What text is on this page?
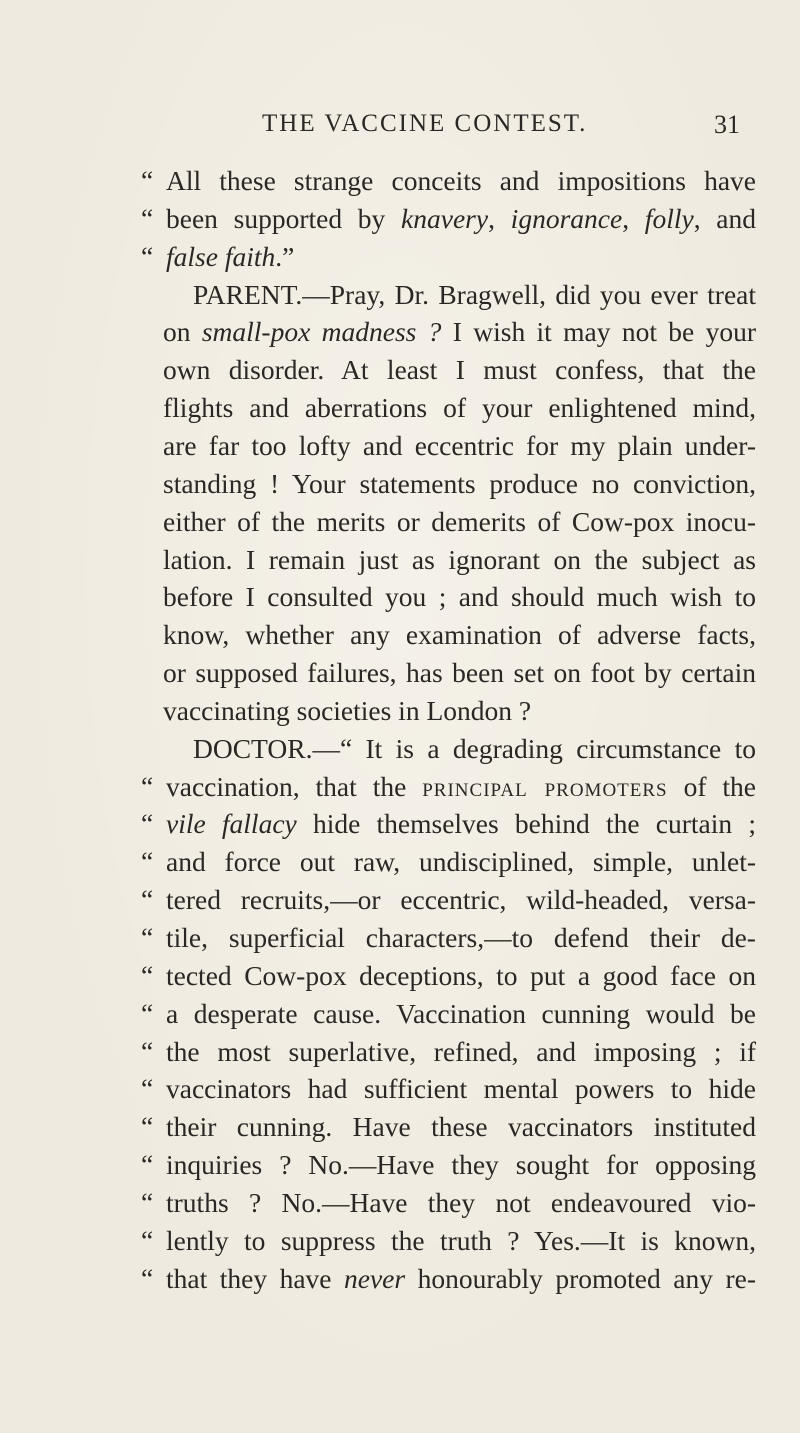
THE VACCINE CONTEST.	31
“ All these strange conceits and impositions have
“ been supported by knavery, ignorance, folly, and
“ false faith.”
PARENT.—Pray, Dr. Bragwell, did you ever treat
on small-pox madness ? I wish it may not be your
own disorder. At least I must confess, that the
flights and aberrations of your enlightened mind,
are far too lofty and eccentric for my plain under-
standing ! Your statements produce no conviction,
either of the merits or demerits of Cow-pox inocu-
lation. I remain just as ignorant on the subject as
before I consulted you ; and should much wish to
know, whether any examination of adverse facts,
or supposed failures, has been set on foot by certain
vaccinating societies in London ?
DOCTOR.—“ It is a degrading circumstance to
“ vaccination, that the principal promoters of the
“ vile fallacy hide themselves behind the curtain ;
“ and force out raw, undisciplined, simple, unlet-
“ tered recruits,—or eccentric, wild-headed, versa-
“ tile, superficial characters,—to defend their de-
“ tected Cow-pox deceptions, to put a good face on
“ a desperate cause. Vaccination cunning would be
“ the most superlative, refined, and imposing ; if
“ vaccinators had sufficient mental powers to hide
“ their cunning. Have these vaccinators instituted
“ inquiries ? No.—Have they sought for opposing
“ truths ? No.—Have they not endeavoured vio-
“ lently to suppress the truth ? Yes.—It is known,
“ that they have never honourably promoted any re-
